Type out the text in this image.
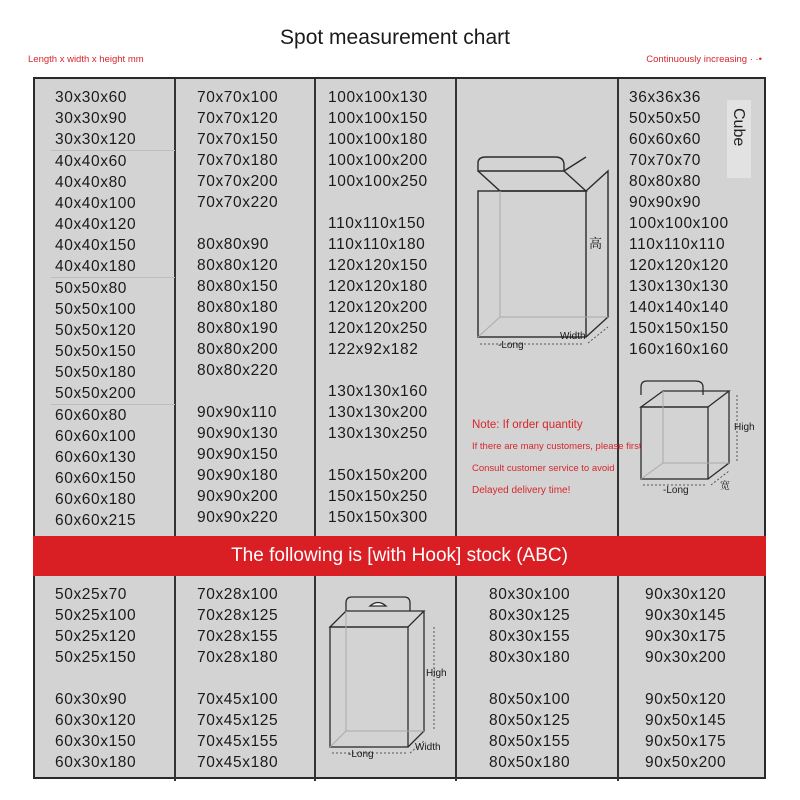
Spot measurement chart
Length x width x height mm	Continuously increasing · ·•
30x30x60
30x30x90
30x30x120
40x40x60
40x40x80
40x40x100
40x40x120
40x40x150
40x40x180
50x50x80
50x50x100
50x50x120
50x50x150
50x50x180
50x50x200
60x60x80
60x60x100
60x60x130
60x60x150
60x60x180
60x60x215
70x70x100
70x70x120
70x70x150
70x70x180
70x70x200
70x70x220
80x80x90
80x80x120
80x80x150
80x80x180
80x80x190
80x80x200
80x80x220
90x90x110
90x90x130
90x90x150
90x90x180
90x90x200
90x90x220
100x100x130
100x100x150
100x100x180
100x100x200
100x100x250
110x110x150
110x110x180
120x120x150
120x120x180
120x120x200
120x120x250
122x92x182
130x130x160
130x130x200
130x130x250
150x150x200
150x150x250
150x150x300
36x36x36
50x50x50
60x60x60
70x70x70
80x80x80
90x90x90
100x100x100
110x110x110
120x120x120
130x130x130
140x140x140
150x150x150
160x160x160
50x25x70
50x25x100
50x25x120
50x25x150
60x30x90
60x30x120
60x30x150
60x30x180
70x28x100
70x28x125
70x28x155
70x28x180
70x45x100
70x45x125
70x45x155
70x45x180
80x30x100
80x30x125
80x30x155
80x30x180
80x50x100
80x50x125
80x50x155
80x50x180
90x30x120
90x30x145
90x30x175
90x30x200
90x50x120
90x50x145
90x50x175
90x50x200
高
Width
-Long
High
宽
-Long
Note: If order quantity
If there are many customers, please first
Consult customer service to avoid
Delayed delivery time!
High
Width
-Long
Cube
The following is [with Hook] stock (ABC)
